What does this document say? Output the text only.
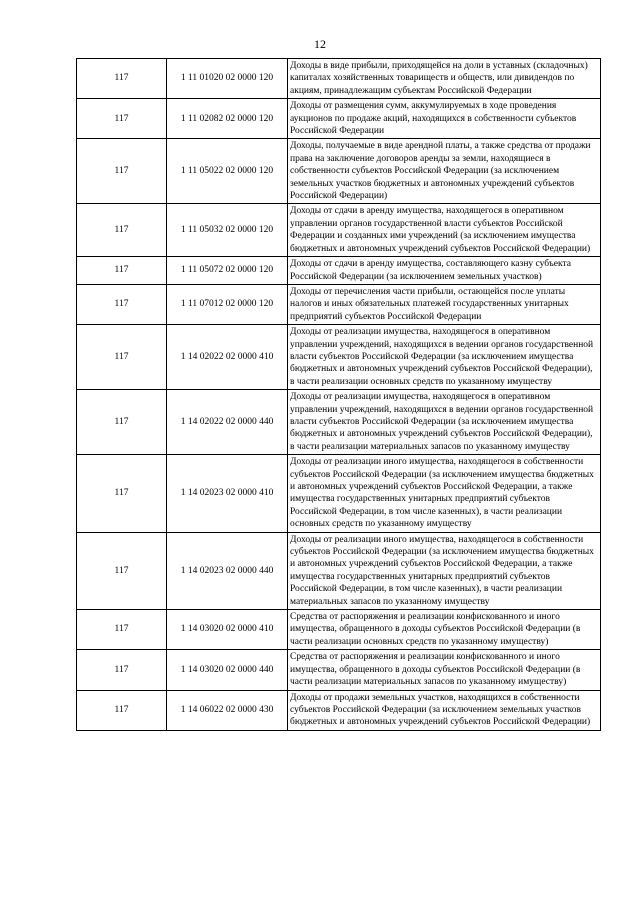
12
117	1 11 01020 02 0000 120	Доходы в виде прибыли, приходящейся на доли в уставных (складочных) капиталах хозяйственных товариществ и обществ, или дивидендов по акциям, принадлежащим субъектам Российской Федерации
117	1 11 02082 02 0000 120	Доходы от размещения сумм, аккумулируемых в ходе проведения аукционов по продаже акций, находящихся в собственности субъектов Российской Федерации
117	1 11 05022 02 0000 120	Доходы, получаемые в виде арендной платы, а также средства от продажи права на заключение договоров аренды за земли, находящиеся в собственности субъектов Российской Федерации (за исключением земельных участков бюджетных и автономных учреждений субъектов Российской Федерации)
117	1 11 05032 02 0000 120	Доходы от сдачи в аренду имущества, находящегося в оперативном управлении органов государственной власти субъектов Российской Федерации и созданных ими учреждений (за исключением имущества бюджетных и автономных учреждений субъектов Российской Федерации)
117	1 11 05072 02 0000 120	Доходы от сдачи в аренду имущества, составляющего казну субъекта Российской Федерации (за исключением земельных участков)
117	1 11 07012 02 0000 120	Доходы от перечисления части прибыли, остающейся после уплаты налогов и иных обязательных платежей государственных унитарных предприятий субъектов Российской Федерации
117	1 14 02022 02 0000 410	Доходы от реализации имущества, находящегося в оперативном управлении учреждений, находящихся в ведении органов государственной власти субъектов Российской Федерации (за исключением имущества бюджетных и автономных учреждений субъектов Российской Федерации), в части реализации основных средств по указанному имуществу
117	1 14 02022 02 0000 440	Доходы от реализации имущества, находящегося в оперативном управлении учреждений, находящихся в ведении органов государственной власти субъектов Российской Федерации (за исключением имущества бюджетных и автономных учреждений субъектов Российской Федерации), в части реализации материальных запасов по указанному имуществу
117	1 14 02023 02 0000 410	Доходы от реализации иного имущества, находящегося в собственности субъектов Российской Федерации (за исключением имущества бюджетных и автономных учреждений субъектов Российской Федерации, а также имущества государственных унитарных предприятий субъектов Российской Федерации, в том числе казенных), в части реализации основных средств по указанному имуществу
117	1 14 02023 02 0000 440	Доходы от реализации иного имущества, находящегося в собственности субъектов Российской Федерации (за исключением имущества бюджетных и автономных учреждений субъектов Российской Федерации, а также имущества государственных унитарных предприятий субъектов Российской Федерации, в том числе казенных), в части реализации материальных запасов по указанному имуществу
117	1 14 03020 02 0000 410	Средства от распоряжения и реализации конфискованного и иного имущества, обращенного в доходы субъектов Российской Федерации (в части реализации основных средств по указанному имуществу)
117	1 14 03020 02 0000 440	Средства от распоряжения и реализации конфискованного и иного имущества, обращенного в доходы субъектов Российской Федерации (в части реализации материальных запасов по указанному имуществу)
117	1 14 06022 02 0000 430	Доходы от продажи земельных участков, находящихся в собственности субъектов Российской Федерации (за исключением земельных участков бюджетных и автономных учреждений субъектов Российской Федерации)
